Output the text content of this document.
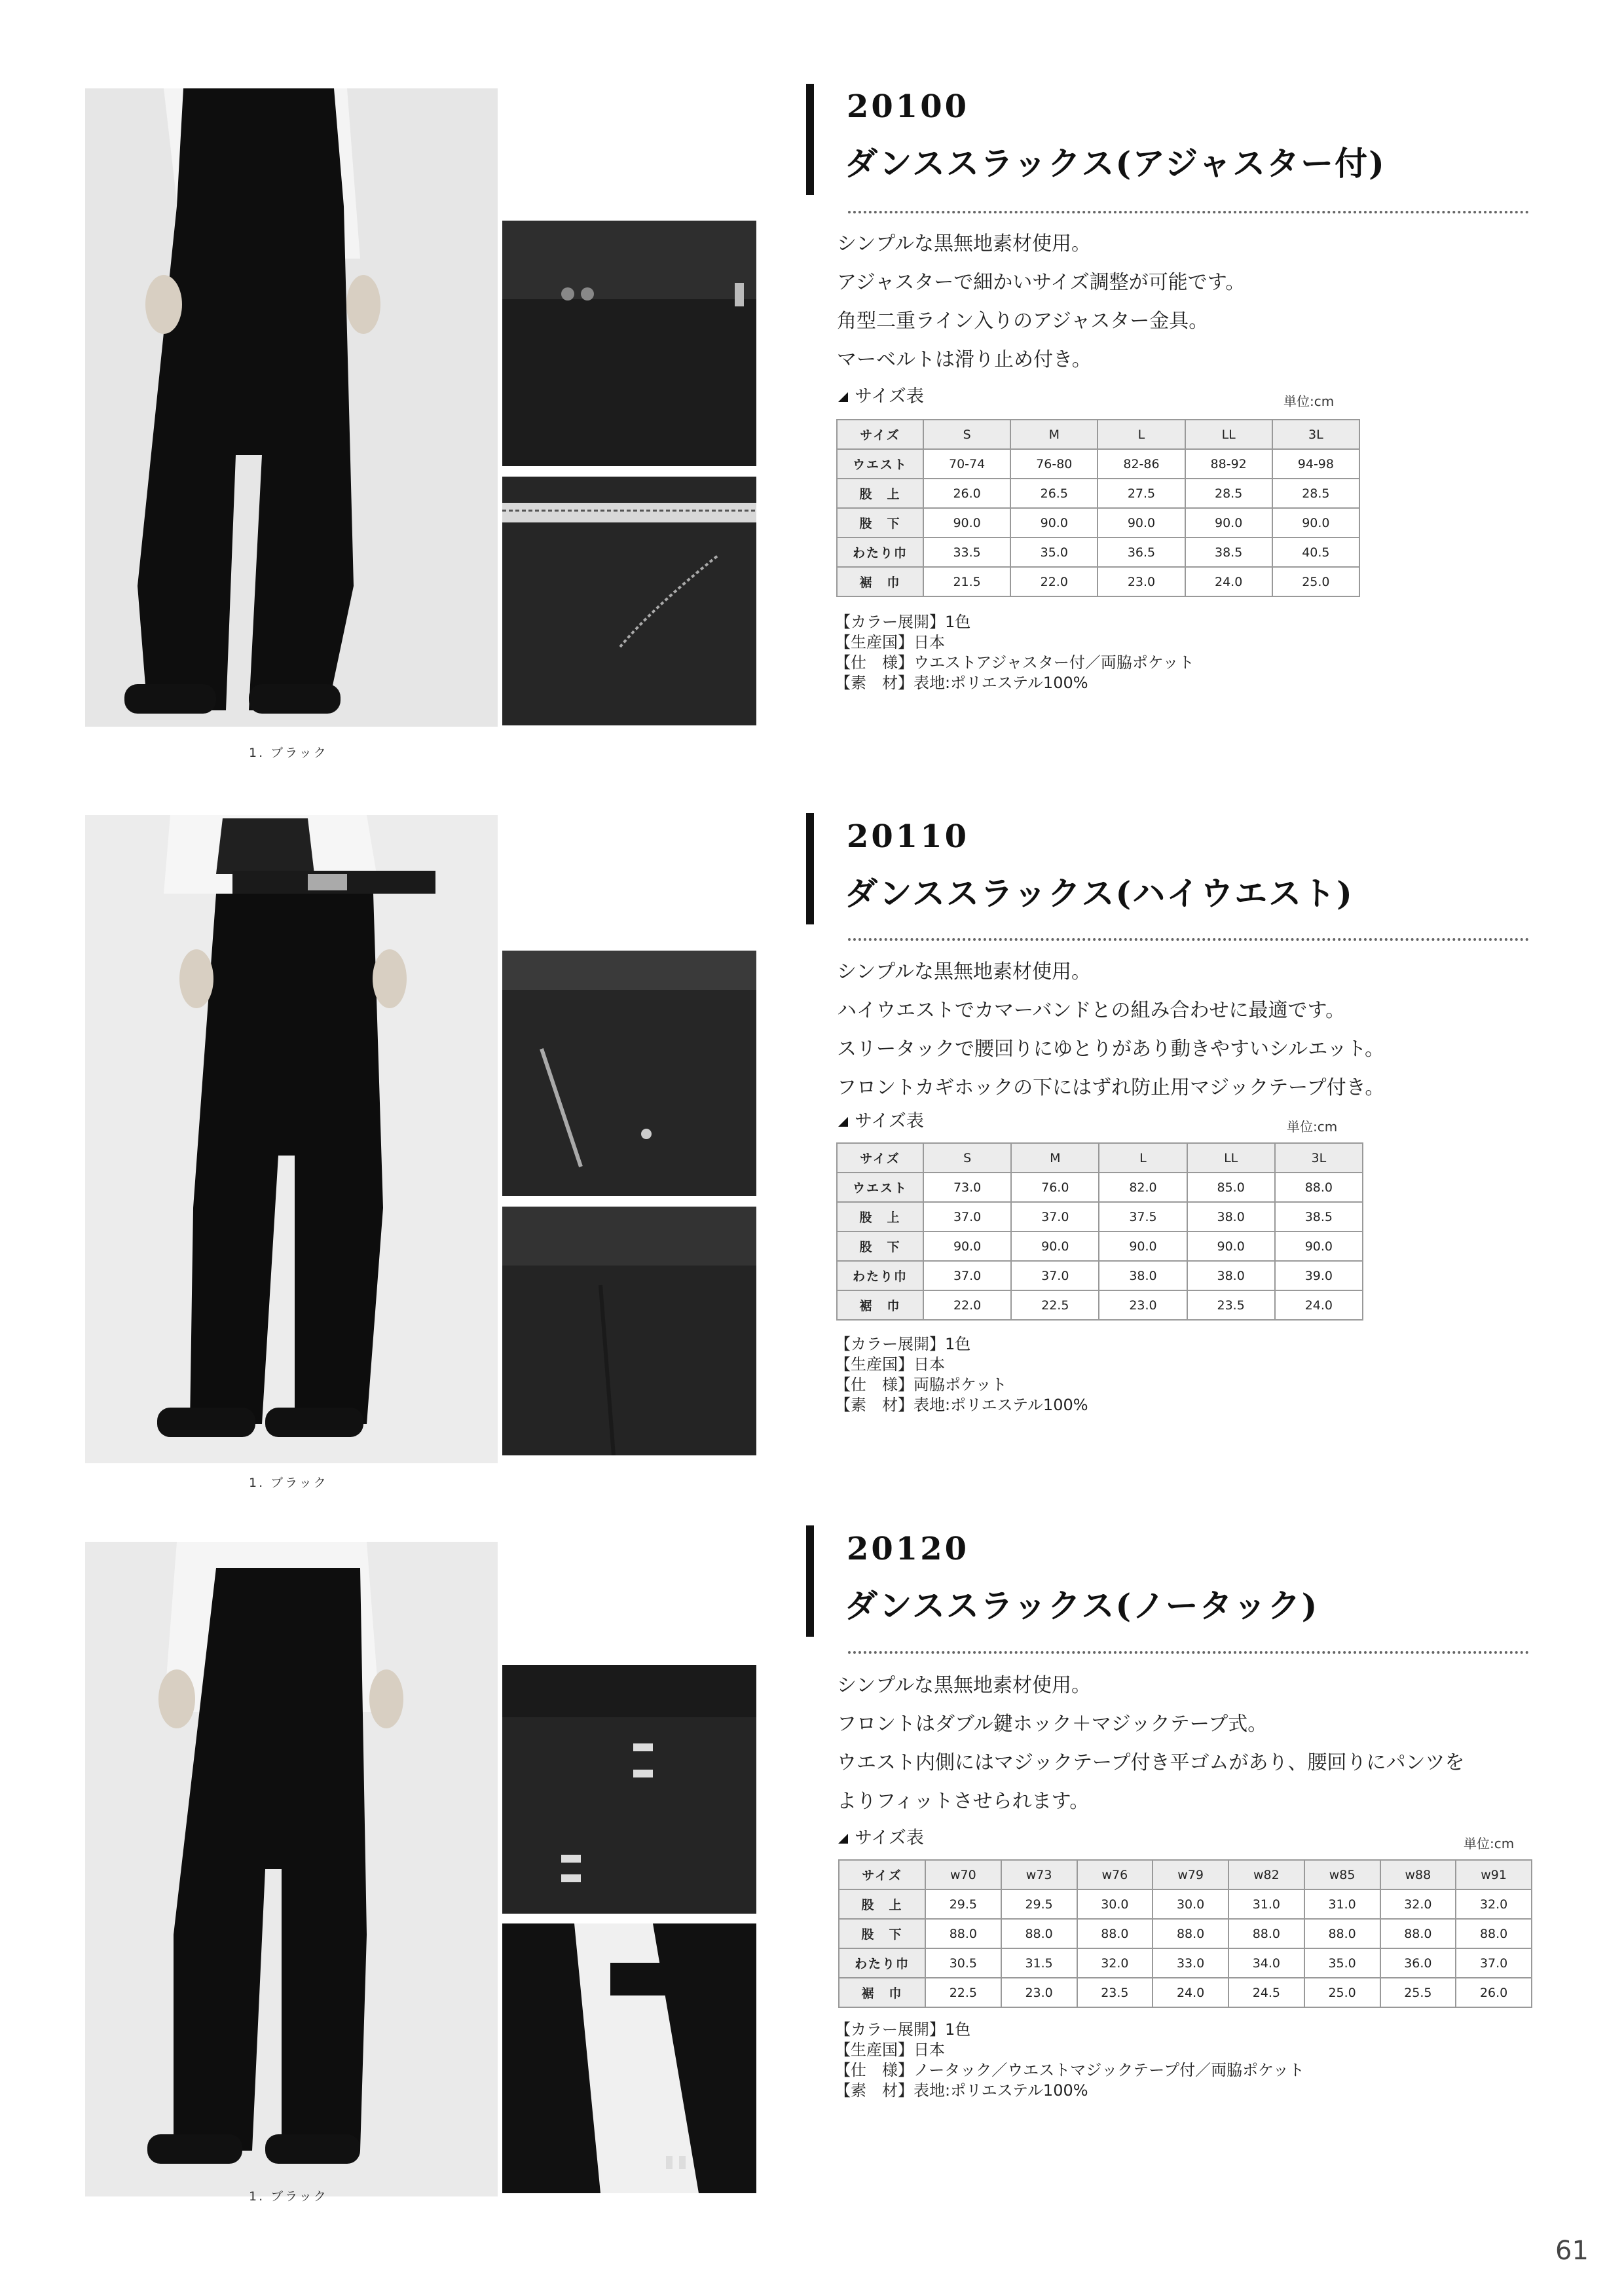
1. ブラック
20100
ダンススラックス(アジャスター付)
シンプルな黒無地素材使用。
アジャスターで細かいサイズ調整が可能です。
角型二重ライン入りのアジャスター金具。
マーベルトは滑り止め付き。
サイズ表	単位:cm
サイズ	S	M	L	LL	3L
ウエスト	70-74	76-80	82-86	88-92	94-98
股　上	26.0	26.5	27.5	28.5	28.5
股　下	90.0	90.0	90.0	90.0	90.0
わたり巾	33.5	35.0	36.5	38.5	40.5
裾　巾	21.5	22.0	23.0	24.0	25.0
【カラー展開】1色
【生産国】日本
【仕　様】ウエストアジャスター付／両脇ポケット
【素　材】表地:ポリエステル100%
1. ブラック
20110
ダンススラックス(ハイウエスト)
シンプルな黒無地素材使用。
ハイウエストでカマーバンドとの組み合わせに最適です。
スリータックで腰回りにゆとりがあり動きやすいシルエット。
フロントカギホックの下にはずれ防止用マジックテープ付き。
サイズ表	単位:cm
サイズ	S	M	L	LL	3L
ウエスト	73.0	76.0	82.0	85.0	88.0
股　上	37.0	37.0	37.5	38.0	38.5
股　下	90.0	90.0	90.0	90.0	90.0
わたり巾	37.0	37.0	38.0	38.0	39.0
裾　巾	22.0	22.5	23.0	23.5	24.0
【カラー展開】1色
【生産国】日本
【仕　様】両脇ポケット
【素　材】表地:ポリエステル100%
1. ブラック
20120
ダンススラックス(ノータック)
シンプルな黒無地素材使用。
フロントはダブル鍵ホック＋マジックテープ式。
ウエスト内側にはマジックテープ付き平ゴムがあり、腰回りにパンツを
よりフィットさせられます。
サイズ表	単位:cm
サイズ	w70	w73	w76	w79	w82	w85	w88	w91
股　上	29.5	29.5	30.0	30.0	31.0	31.0	32.0	32.0
股　下	88.0	88.0	88.0	88.0	88.0	88.0	88.0	88.0
わたり巾	30.5	31.5	32.0	33.0	34.0	35.0	36.0	37.0
裾　巾	22.5	23.0	23.5	24.0	24.5	25.0	25.5	26.0
【カラー展開】1色
【生産国】日本
【仕　様】ノータック／ウエストマジックテープ付／両脇ポケット
【素　材】表地:ポリエステル100%
61
